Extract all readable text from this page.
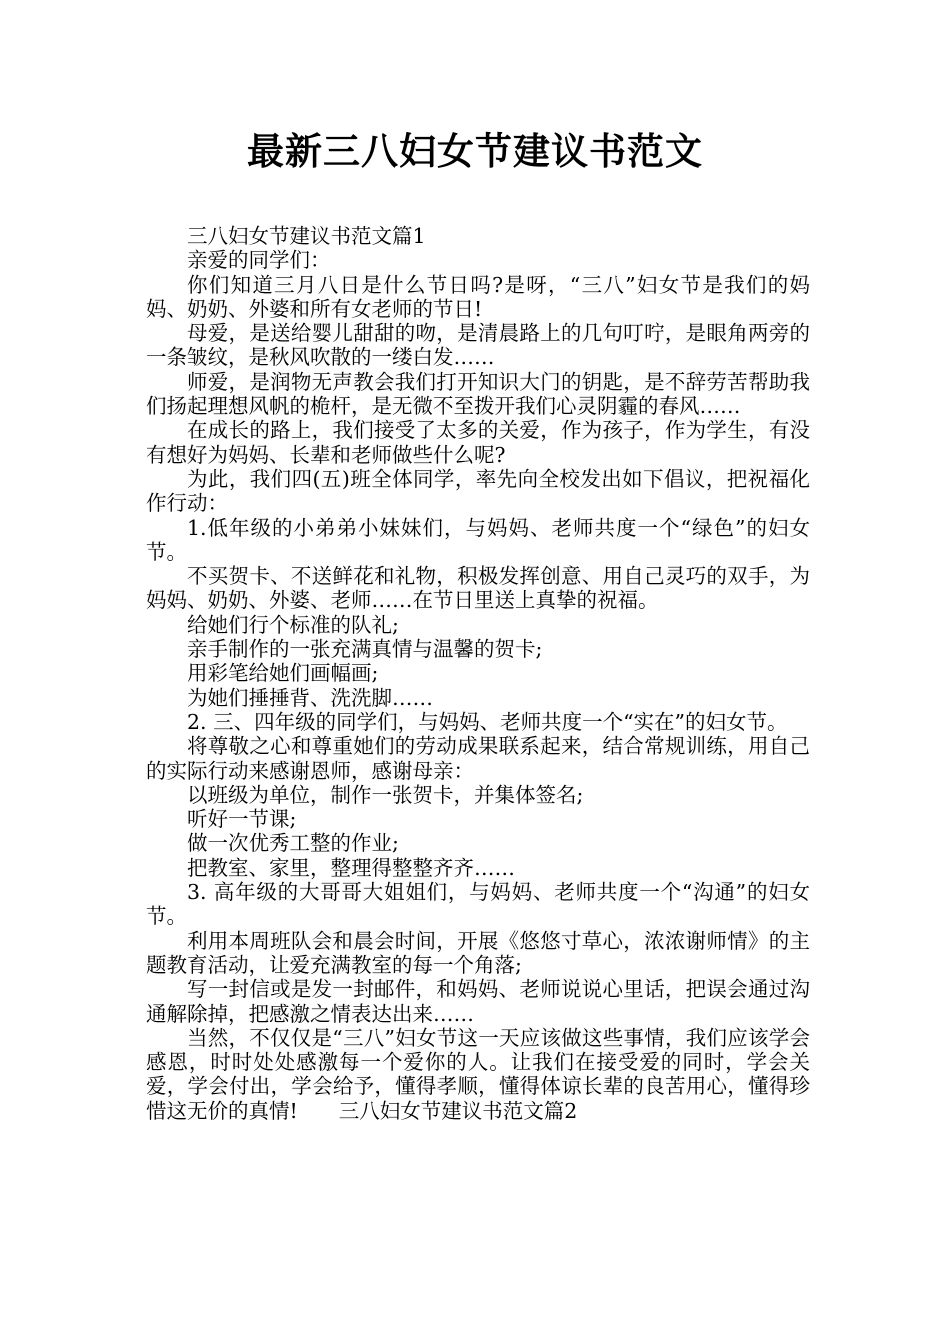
最新三八妇女节建议书范文

三八妇女节建议书范文篇1

亲爱的同学们：

你们知道三月八日是什么节日吗?是呀，“三八”妇女节是我们的妈妈、奶奶、外婆和所有女老师的节日!

母爱，是送给婴儿甜甜的吻，是清晨路上的几句叮咛，是眼角两旁的一条皱纹，是秋风吹散的一缕白发……

师爱，是润物无声教会我们打开知识大门的钥匙，是不辞劳苦帮助我们扬起理想风帆的桅杆，是无微不至拨开我们心灵阴霾的春风……

在成长的路上，我们接受了太多的关爱，作为孩子，作为学生，有没有想好为妈妈、长辈和老师做些什么呢?

为此，我们四(五)班全体同学，率先向全校发出如下倡议，把祝福化作行动：

1.低年级的小弟弟小妹妹们，与妈妈、老师共度一个“绿色”的妇女节。

不买贺卡、不送鲜花和礼物，积极发挥创意、用自己灵巧的双手，为妈妈、奶奶、外婆、老师……在节日里送上真挚的祝福。

给她们行个标准的队礼;

亲手制作的一张充满真情与温馨的贺卡;

用彩笔给她们画幅画;

为她们捶捶背、洗洗脚……

2. 三、四年级的同学们，与妈妈、老师共度一个“实在”的妇女节。

将尊敬之心和尊重她们的劳动成果联系起来，结合常规训练，用自己的实际行动来感谢恩师，感谢母亲：

以班级为单位，制作一张贺卡，并集体签名;

听好一节课;

做一次优秀工整的作业;

把教室、家里，整理得整整齐齐……

3. 高年级的大哥哥大姐姐们，与妈妈、老师共度一个“沟通”的妇女节。

利用本周班队会和晨会时间，开展《悠悠寸草心，浓浓谢师情》的主题教育活动，让爱充满教室的每一个角落;

写一封信或是发一封邮件，和妈妈、老师说说心里话，把误会通过沟通解除掉，把感激之情表达出来……

当然，不仅仅是“三八”妇女节这一天应该做这些事情，我们应该学会感恩，时时处处感激每一个爱你的人。让我们在接受爱的同时，学会关爱，学会付出，学会给予，懂得孝顺，懂得体谅长辈的良苦用心，懂得珍惜这无价的真情!　　三八妇女节建议书范文篇2
